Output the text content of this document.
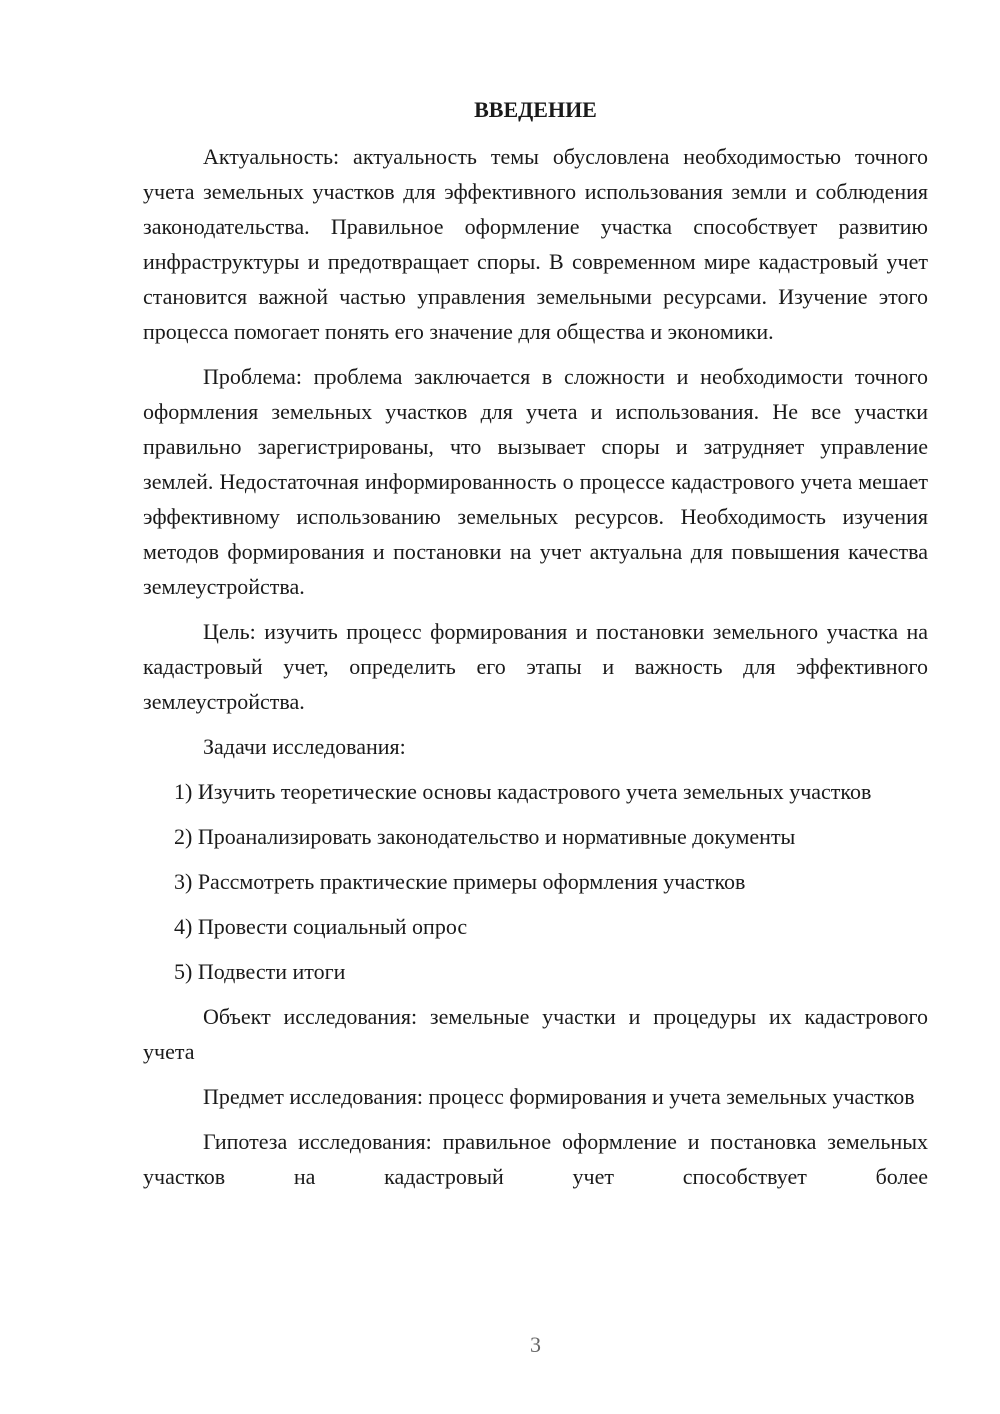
ВВЕДЕНИЕ

Актуальность: актуальность темы обусловлена необходимостью точного учета земельных участков для эффективного использования земли и соблюдения законодательства. Правильное оформление участка способствует развитию инфраструктуры и предотвращает споры. В современном мире кадастровый учет становится важной частью управления земельными ресурсами. Изучение этого процесса помогает понять его значение для общества и экономики.

Проблема: проблема заключается в сложности и необходимости точного оформления земельных участков для учета и использования. Не все участки правильно зарегистрированы, что вызывает споры и затрудняет управление землей. Недостаточная информированность о процессе кадастрового учета мешает эффективному использованию земельных ресурсов. Необходимость изучения методов формирования и постановки на учет актуальна для повышения качества землеустройства.

Цель: изучить процесс формирования и постановки земельного участка на кадастровый учет, определить его этапы и важность для эффективного землеустройства.

Задачи исследования:

1) Изучить теоретические основы кадастрового учета земельных участков

2) Проанализировать законодательство и нормативные документы

3) Рассмотреть практические примеры оформления участков

4) Провести социальный опрос

5) Подвести итоги

Объект исследования: земельные участки и процедуры их кадастрового учета

Предмет исследования: процесс формирования и учета земельных участков

Гипотеза исследования: правильное оформление и постановка земельных участков на кадастровый учет способствует более

3
